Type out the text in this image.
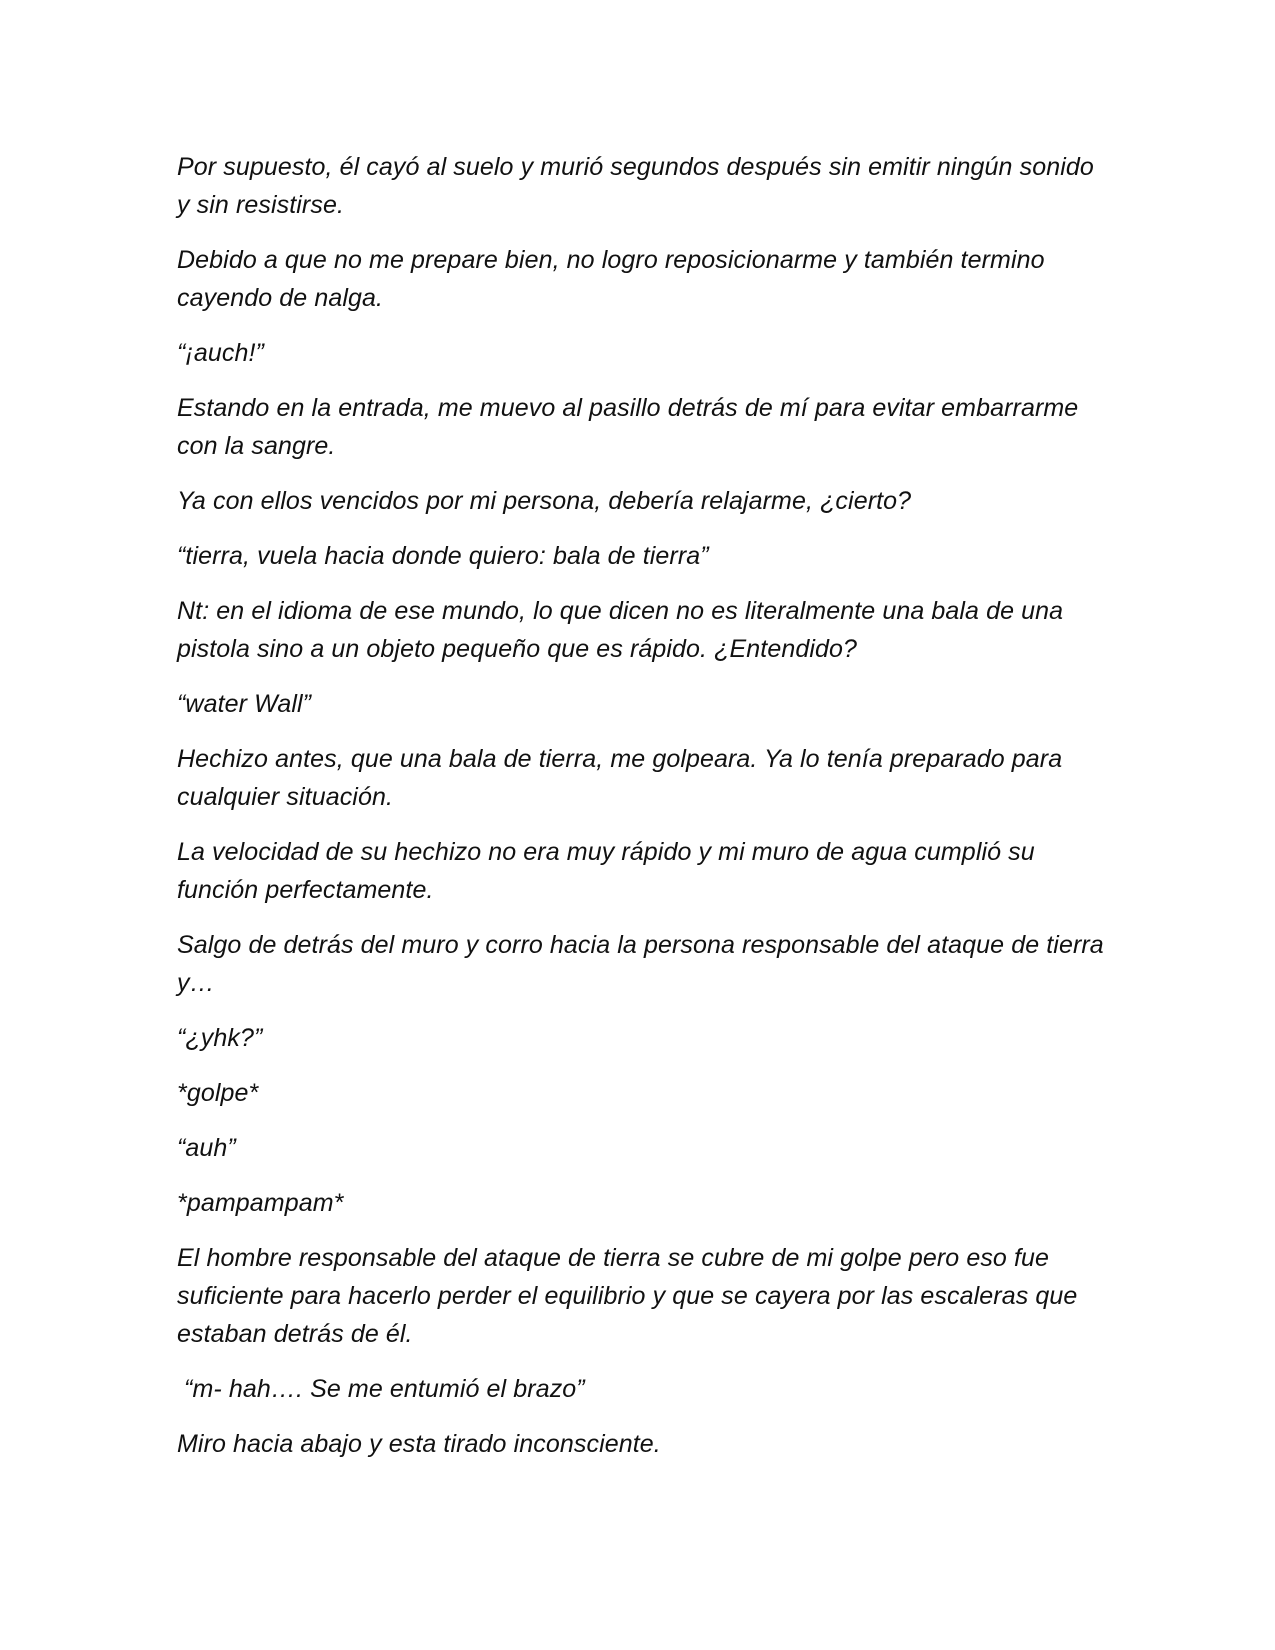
Por supuesto, él cayó al suelo y murió segundos después sin emitir ningún sonido y sin resistirse.

Debido a que no me prepare bien, no logro reposicionarme y también termino cayendo de nalga.

“¡auch!”

Estando en la entrada, me muevo al pasillo detrás de mí para evitar embarrarme con la sangre.

Ya con ellos vencidos por mi persona, debería relajarme, ¿cierto?

“tierra, vuela hacia donde quiero: bala de tierra”

Nt: en el idioma de ese mundo, lo que dicen no es literalmente una bala de una pistola sino a un objeto pequeño que es rápido. ¿Entendido?

“water Wall”

Hechizo antes, que una bala de tierra, me golpeara. Ya lo tenía preparado para cualquier situación.

La velocidad de su hechizo no era muy rápido y mi muro de agua cumplió su función perfectamente.

Salgo de detrás del muro y corro hacia la persona responsable del ataque de tierra y…

“¿yhk?”

*golpe*

“auh”

*pampampam*

El hombre responsable del ataque de tierra se cubre de mi golpe pero eso fue suficiente para hacerlo perder el equilibrio y que se cayera por las escaleras que estaban detrás de él.

“m- hah…. Se me entumió el brazo”

Miro hacia abajo y esta tirado inconsciente.
